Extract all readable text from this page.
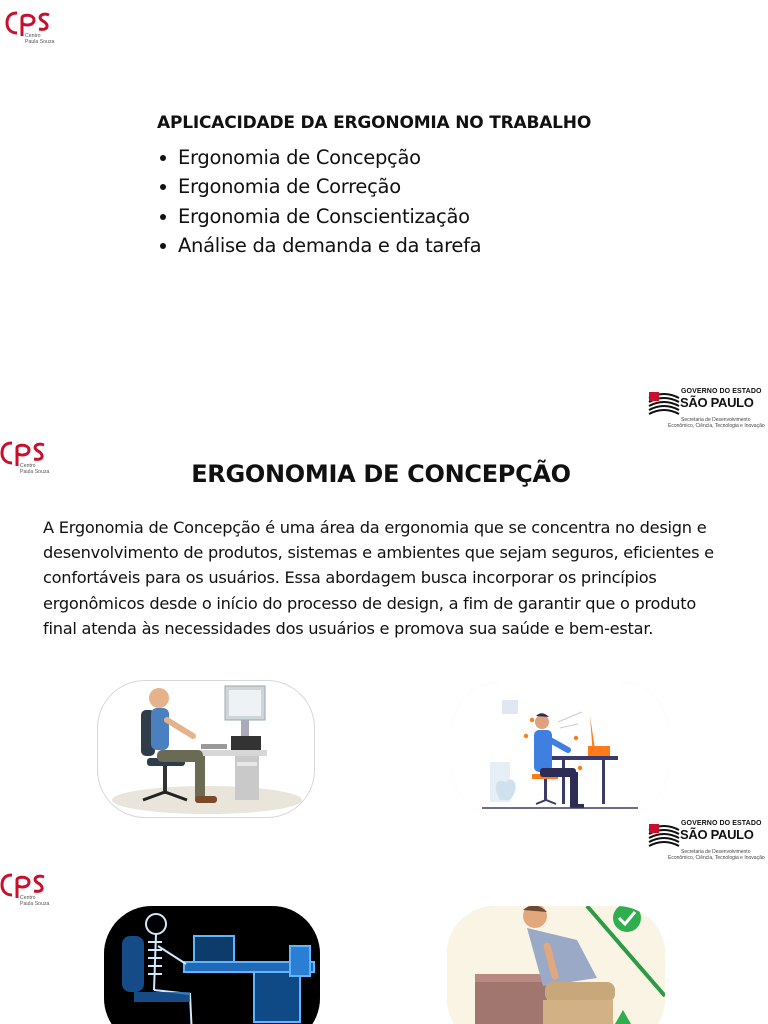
Centro
Paula Souza
APLICACIDADE DA ERGONOMIA NO TRABALHO
Ergonomia de Concepção
Ergonomia de Correção
Ergonomia de Conscientização
Análise da demanda e da tarefa
GOVERNO DO ESTADO
SÃO PAULO
Secretaria de Desenvolvimento
Econômico, Ciência, Tecnologia e Inovação
Centro
Paula Souza	ERGONOMIA DE CONCEPÇÃO

A Ergonomia de Concepção é uma área da ergonomia que se concentra no design e desenvolvimento de produtos, sistemas e ambientes que sejam seguros, eficientes e confortáveis para os usuários. Essa abordagem busca incorporar os princípios ergonômicos desde o início do processo de design, a fim de garantir que o produto final atenda às necessidades dos usuários e promova sua saúde e bem-estar.

GOVERNO DO ESTADO
SÃO PAULO
Secretaria de Desenvolvimento
Econômico, Ciência, Tecnologia e Inovação
Centro
Paula Souza
